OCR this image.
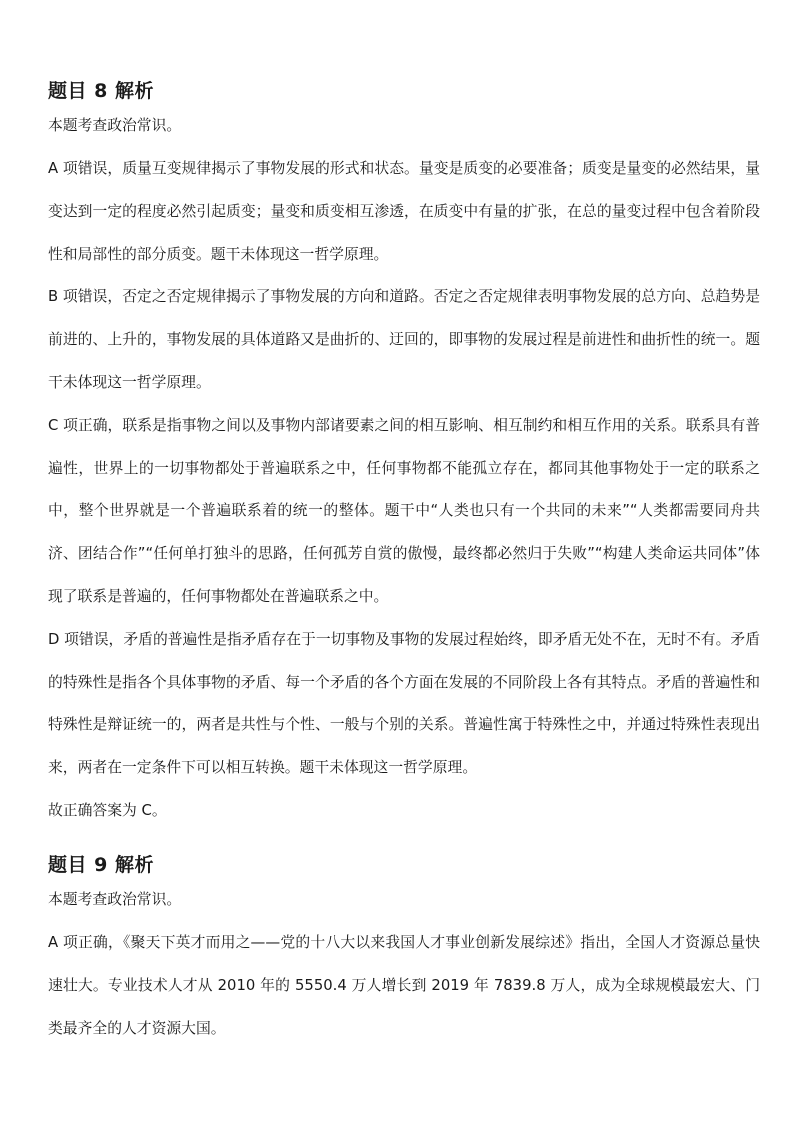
题目 8 解析

本题考查政治常识。

A 项错误，质量互变规律揭示了事物发展的形式和状态。量变是质变的必要准备；质变是量变的必然结果，量变达到一定的程度必然引起质变；量变和质变相互渗透，在质变中有量的扩张，在总的量变过程中包含着阶段性和局部性的部分质变。题干未体现这一哲学原理。

B 项错误，否定之否定规律揭示了事物发展的方向和道路。否定之否定规律表明事物发展的总方向、总趋势是前进的、上升的，事物发展的具体道路又是曲折的、迂回的，即事物的发展过程是前进性和曲折性的统一。题干未体现这一哲学原理。

C 项正确，联系是指事物之间以及事物内部诸要素之间的相互影响、相互制约和相互作用的关系。联系具有普遍性，世界上的一切事物都处于普遍联系之中，任何事物都不能孤立存在，都同其他事物处于一定的联系之中，整个世界就是一个普遍联系着的统一的整体。题干中“人类也只有一个共同的未来”“人类都需要同舟共济、团结合作”“任何单打独斗的思路，任何孤芳自赏的傲慢，最终都必然归于失败”“构建人类命运共同体”体现了联系是普遍的，任何事物都处在普遍联系之中。

D 项错误，矛盾的普遍性是指矛盾存在于一切事物及事物的发展过程始终，即矛盾无处不在，无时不有。矛盾的特殊性是指各个具体事物的矛盾、每一个矛盾的各个方面在发展的不同阶段上各有其特点。矛盾的普遍性和特殊性是辩证统一的，两者是共性与个性、一般与个别的关系。普遍性寓于特殊性之中，并通过特殊性表现出来，两者在一定条件下可以相互转换。题干未体现这一哲学原理。

故正确答案为 C。

题目 9 解析

本题考查政治常识。

A 项正确，《聚天下英才而用之——党的十八大以来我国人才事业创新发展综述》指出，全国人才资源总量快速壮大。专业技术人才从 2010 年的 5550.4 万人增长到 2019 年 7839.8 万人，成为全球规模最宏大、门类最齐全的人才资源大国。
